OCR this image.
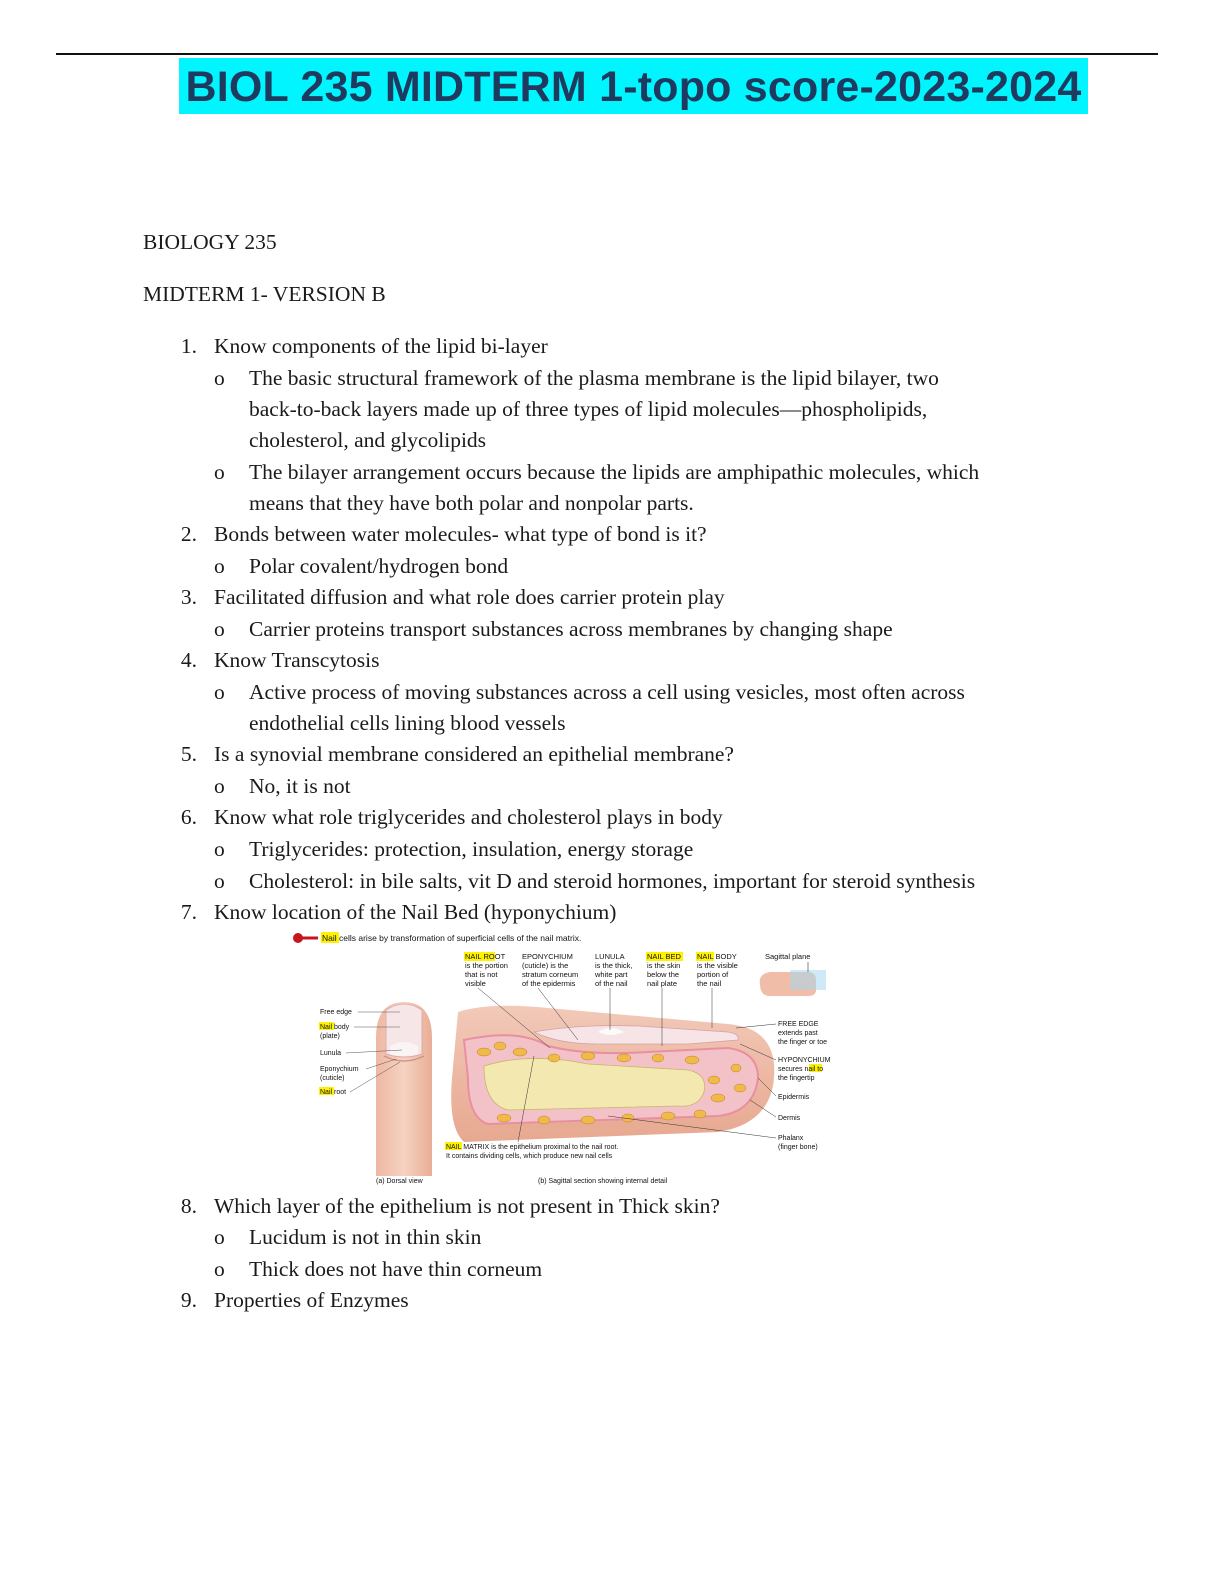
BIOL 235 MIDTERM 1-topo score-2023-2024
BIOLOGY 235
MIDTERM 1- VERSION B
1. Know components of the lipid bi-layer
o The basic structural framework of the plasma membrane is the lipid bilayer, two
back-to-back layers made up of three types of lipid molecules—phospholipids,
cholesterol, and glycolipids
o The bilayer arrangement occurs because the lipids are amphipathic molecules, which
means that they have both polar and nonpolar parts.
2. Bonds between water molecules- what type of bond is it?
o Polar covalent/hydrogen bond
3. Facilitated diffusion and what role does carrier protein play
o Carrier proteins transport substances across membranes by changing shape
4. Know Transcytosis
o Active process of moving substances across a cell using vesicles, most often across
endothelial cells lining blood vessels
5. Is a synovial membrane considered an epithelial membrane?
o No, it is not
6. Know what role triglycerides and cholesterol plays in body
o Triglycerides: protection, insulation, energy storage
o Cholesterol: in bile salts, vit D and steroid hormones, important for steroid synthesis
7. Know location of the Nail Bed (hyponychium)
Nail cells arise by transformation of superficial cells of the nail matrix.
NAIL ROOT
is the portion
that is not
visible
EPONYCHIUM
(cuticle) is the
stratum corneum
of the epidermis
LUNULA
is the thick,
white part
of the nail
NAIL BED
is the skin
below the
nail plate
NAIL BODY
is the visible
portion of
the nail
Sagittal plane
Free edge
Nail body
(plate)
Lunula
Eponychium
(cuticle)
Nail root
FREE EDGE
extends past
the finger or toe
HYPONYCHIUM
secures nail to
the fingertip
Epidermis
Dermis
Phalanx
(finger bone)
NAIL MATRIX is the epithelium proximal to the nail root.
It contains dividing cells, which produce new nail cells
(a) Dorsal view	(b) Sagittal section showing internal detail
8. Which layer of the epithelium is not present in Thick skin?
o Lucidum is not in thin skin
o Thick does not have thin corneum
9. Properties of Enzymes
